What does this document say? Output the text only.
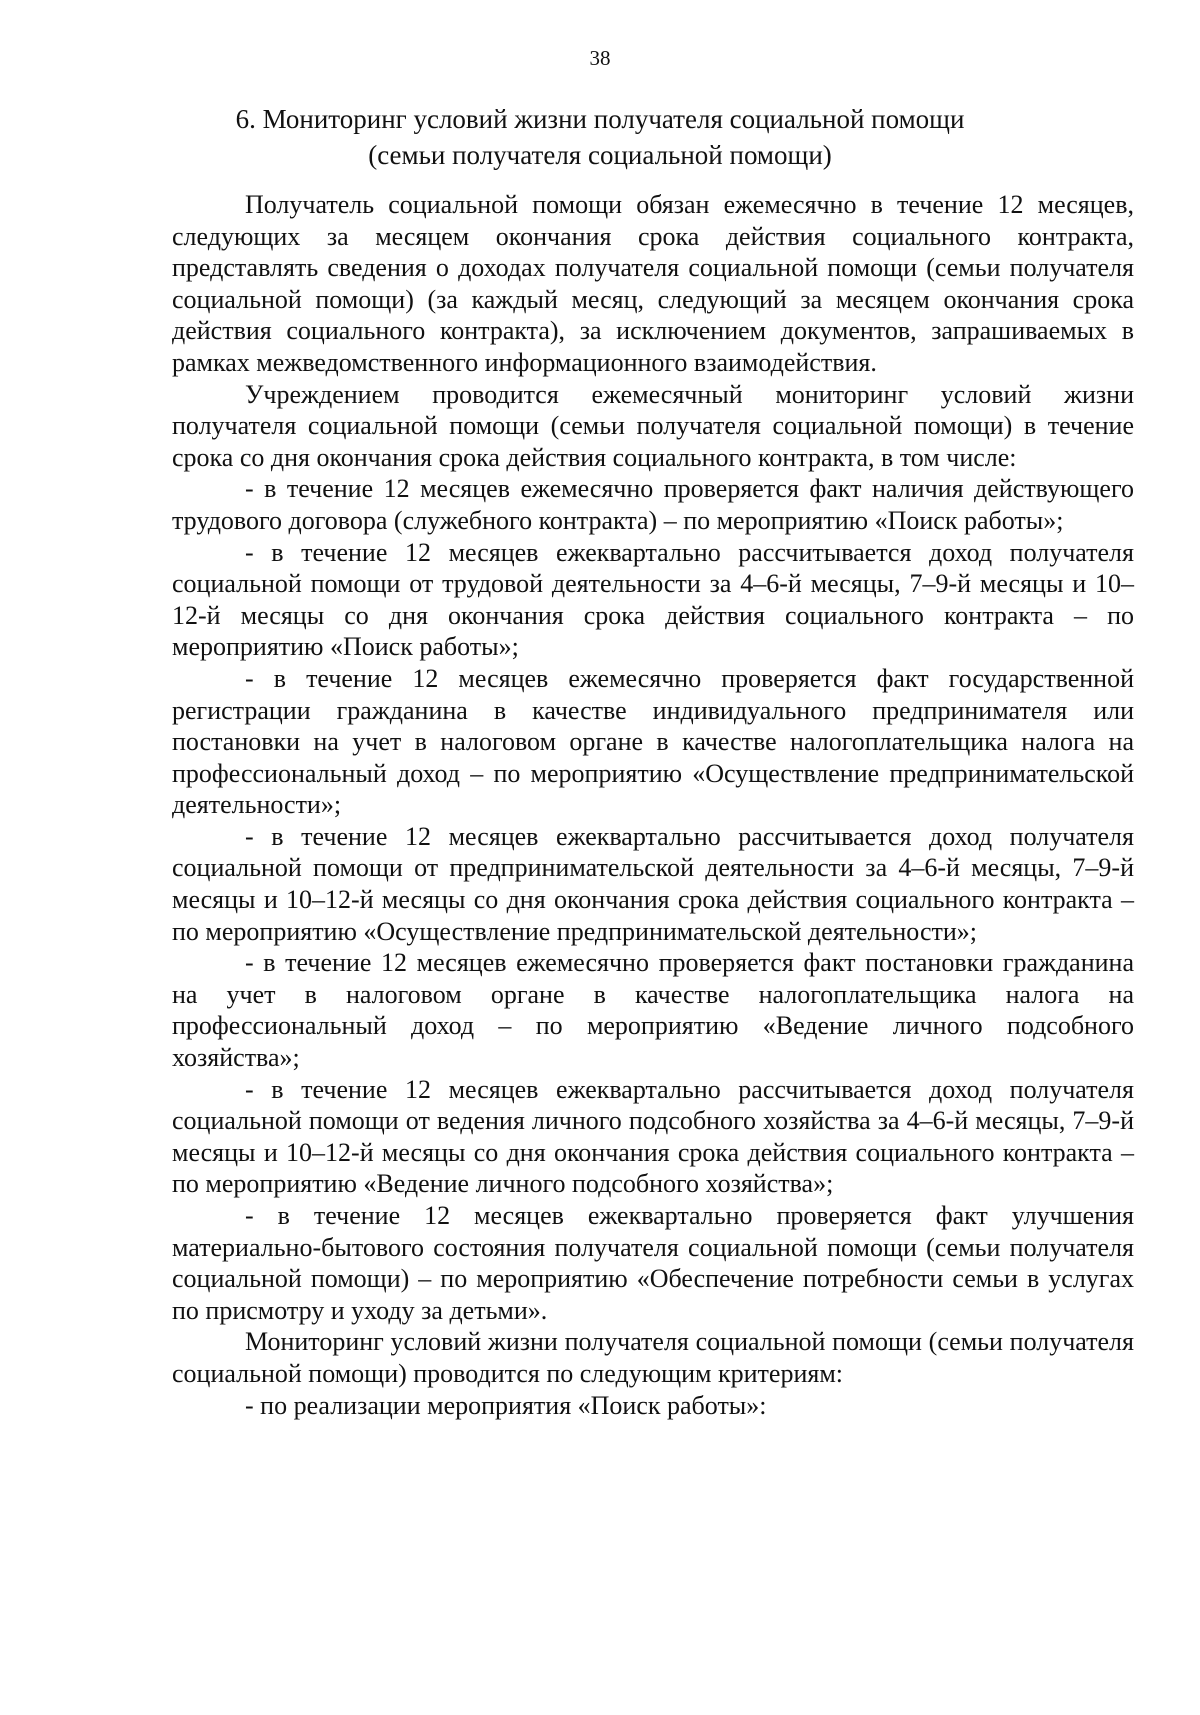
38
6. Мониторинг условий жизни получателя социальной помощи
(семьи получателя социальной помощи)

Получатель социальной помощи обязан ежемесячно в течение 12 месяцев, следующих за месяцем окончания срока действия социального контракта, представлять сведения о доходах получателя социальной помощи (семьи получателя социальной помощи) (за каждый месяц, следующий за месяцем окончания срока действия социального контракта), за исключением документов, запрашиваемых в рамках межведомственного информационного взаимодействия.

Учреждением проводится ежемесячный мониторинг условий жизни получателя социальной помощи (семьи получателя социальной помощи) в течение срока со дня окончания срока действия социального контракта, в том числе:

- в течение 12 месяцев ежемесячно проверяется факт наличия действующего трудового договора (служебного контракта) – по мероприятию «Поиск работы»;

- в течение 12 месяцев ежеквартально рассчитывается доход получателя социальной помощи от трудовой деятельности за 4–6-й месяцы, 7–9-й месяцы и 10–12-й месяцы со дня окончания срока действия социального контракта – по мероприятию «Поиск работы»;

- в течение 12 месяцев ежемесячно проверяется факт государственной регистрации гражданина в качестве индивидуального предпринимателя или постановки на учет в налоговом органе в качестве налогоплательщика налога на профессиональный доход – по мероприятию «Осуществление предпринимательской деятельности»;

- в течение 12 месяцев ежеквартально рассчитывается доход получателя социальной помощи от предпринимательской деятельности за 4–6-й месяцы, 7–9-й месяцы и 10–12-й месяцы со дня окончания срока действия социального контракта – по мероприятию «Осуществление предпринимательской деятельности»;

- в течение 12 месяцев ежемесячно проверяется факт постановки гражданина на учет в налоговом органе в качестве налогоплательщика налога на профессиональный доход – по мероприятию «Ведение личного подсобного хозяйства»;

- в течение 12 месяцев ежеквартально рассчитывается доход получателя социальной помощи от ведения личного подсобного хозяйства за 4–6-й месяцы, 7–9-й месяцы и 10–12-й месяцы со дня окончания срока действия социального контракта – по мероприятию «Ведение личного подсобного хозяйства»;

- в течение 12 месяцев ежеквартально проверяется факт улучшения материально-бытового состояния получателя социальной помощи (семьи получателя социальной помощи) – по мероприятию «Обеспечение потребности семьи в услугах по присмотру и уходу за детьми».

Мониторинг условий жизни получателя социальной помощи (семьи получателя социальной помощи) проводится по следующим критериям:

- по реализации мероприятия «Поиск работы»:
